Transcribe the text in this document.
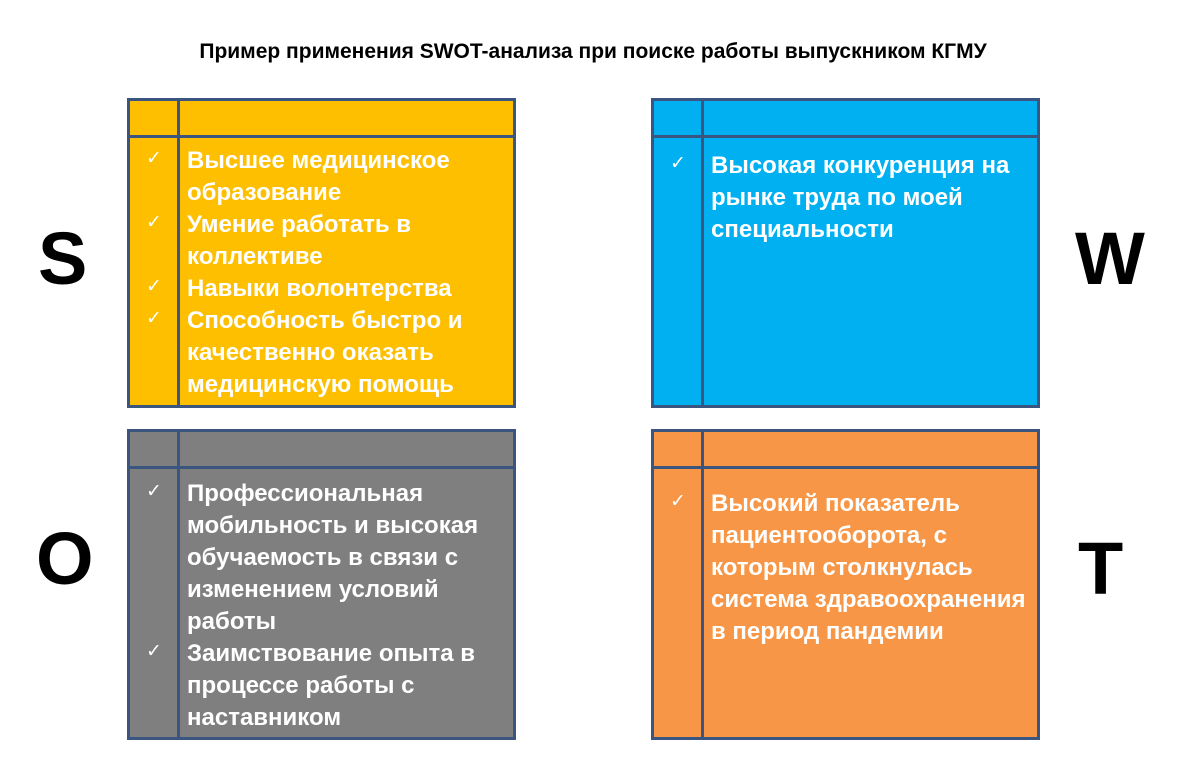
Пример применения SWOT-анализа при поиске работы выпускником КГМУ
S	W
O	T
✓ Высшее медицинское образование
✓ Умение работать в коллективе
✓ Навыки волонтерства
✓ Способность быстро и качественно оказать медицинскую помощь
✓ Высокая конкуренция на рынке труда по моей специальности
✓ Профессиональная мобильность и высокая обучаемость в связи с изменением условий работы
✓ Заимствование опыта в процессе работы с наставником
✓ Высокий показатель пациентооборота, с которым столкнулась система здравоохранения в период пандемии
